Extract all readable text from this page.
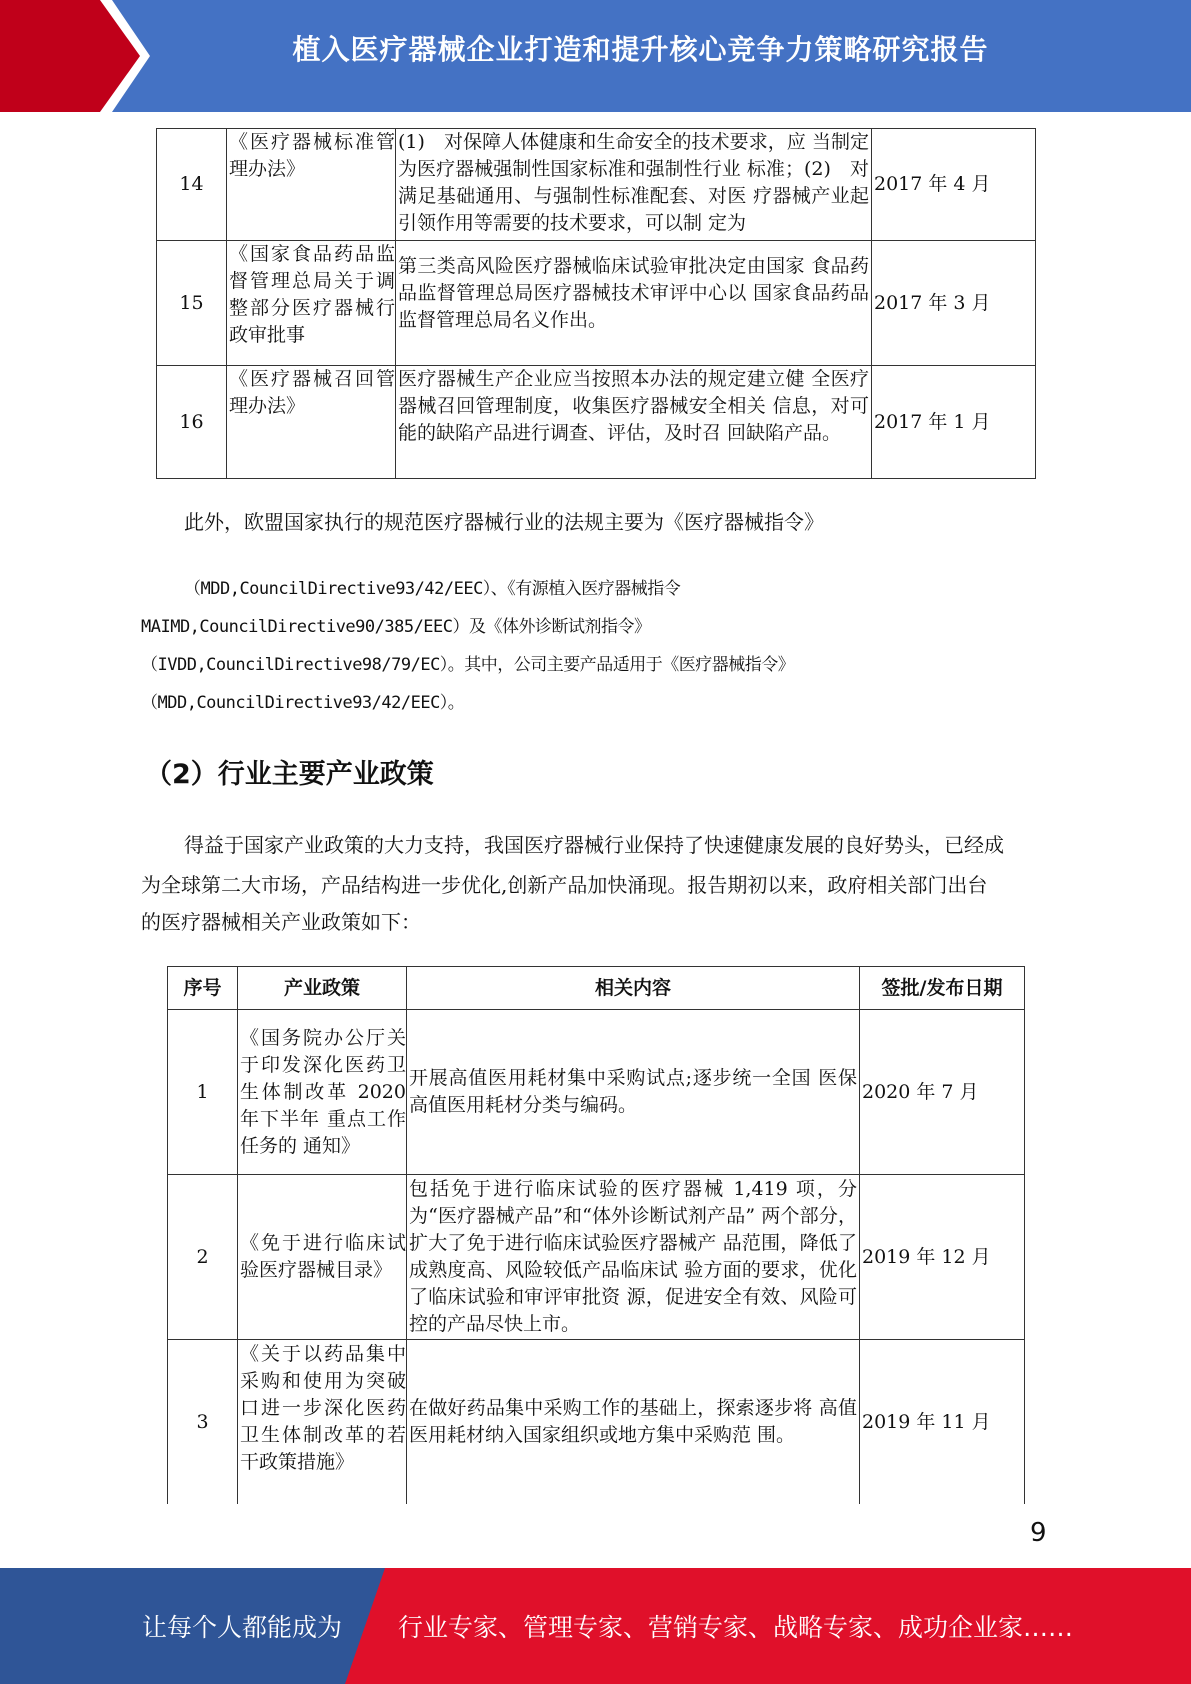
植入医疗器械企业打造和提升核心竞争力策略研究报告
14	《医疗器械标准管理办法》	(1)　对保障人体健康和生命安全的技术要求，应 当制定为医疗器械强制性国家标准和强制性行业 标准；(2)　对满足基础通用、与强制性标准配套、对医 疗器械产业起引领作用等需要的技术要求，可以制 定为	2017 年 4 月
15	《国家食品药品监督管理总局关于调整部分医疗器械行政审批事	第三类高风险医疗器械临床试验审批决定由国家 食品药品监督管理总局医疗器械技术审评中心以 国家食品药品监督管理总局名义作出。	2017 年 3 月
16	《医疗器械召回管理办法》	医疗器械生产企业应当按照本办法的规定建立健 全医疗器械召回管理制度，收集医疗器械安全相关 信息，对可能的缺陷产品进行调查、评估，及时召 回缺陷产品。	2017 年 1 月
此外，欧盟国家执行的规范医疗器械行业的法规主要为《医疗器械指令》
（MDD,CouncilDirective93/42/EEC）、《有源植入医疗器械指令
MAIMD,CouncilDirective90/385/EEC）及《体外诊断试剂指令》
（IVDD,CouncilDirective98/79/EC）。其中，公司主要产品适用于《医疗器械指令》
（MDD,CouncilDirective93/42/EEC）。
（2）行业主要产业政策
得益于国家产业政策的大力支持，我国医疗器械行业保持了快速健康发展的良好势头，已经成
为全球第二大市场，产品结构进一步优化,创新产品加快涌现。报告期初以来，政府相关部门出台
的医疗器械相关产业政策如下：
序号	产业政策	相关内容	签批/发布日期
1	《国务院办公厅关于印发深化医药卫生体制改革 2020 年下半年 重点工作任务的 通知》	开展高值医用耗材集中采购试点;逐步统一全国 医保高值医用耗材分类与编码。	2020 年 7 月
2	《免于进行临床试验医疗器械目录》	包括免于进行临床试验的医疗器械 1,419 项，分 为“医疗器械产品”和“体外诊断试剂产品” 两个部分，扩大了免于进行临床试验医疗器械产 品范围，降低了成熟度高、风险较低产品临床试 验方面的要求，优化了临床试验和审评审批资 源，促进安全有效、风险可控的产品尽快上市。	2019 年 12 月
3	《关于以药品集中采购和使用为突破口进一步深化医药卫生体制改革的若干政策措施》	在做好药品集中采购工作的基础上，探索逐步将 高值医用耗材纳入国家组织或地方集中采购范 围。	2019 年 11 月
9
让每个人都能成为 行业专家、管理专家、营销专家、战略专家、成功企业家……
